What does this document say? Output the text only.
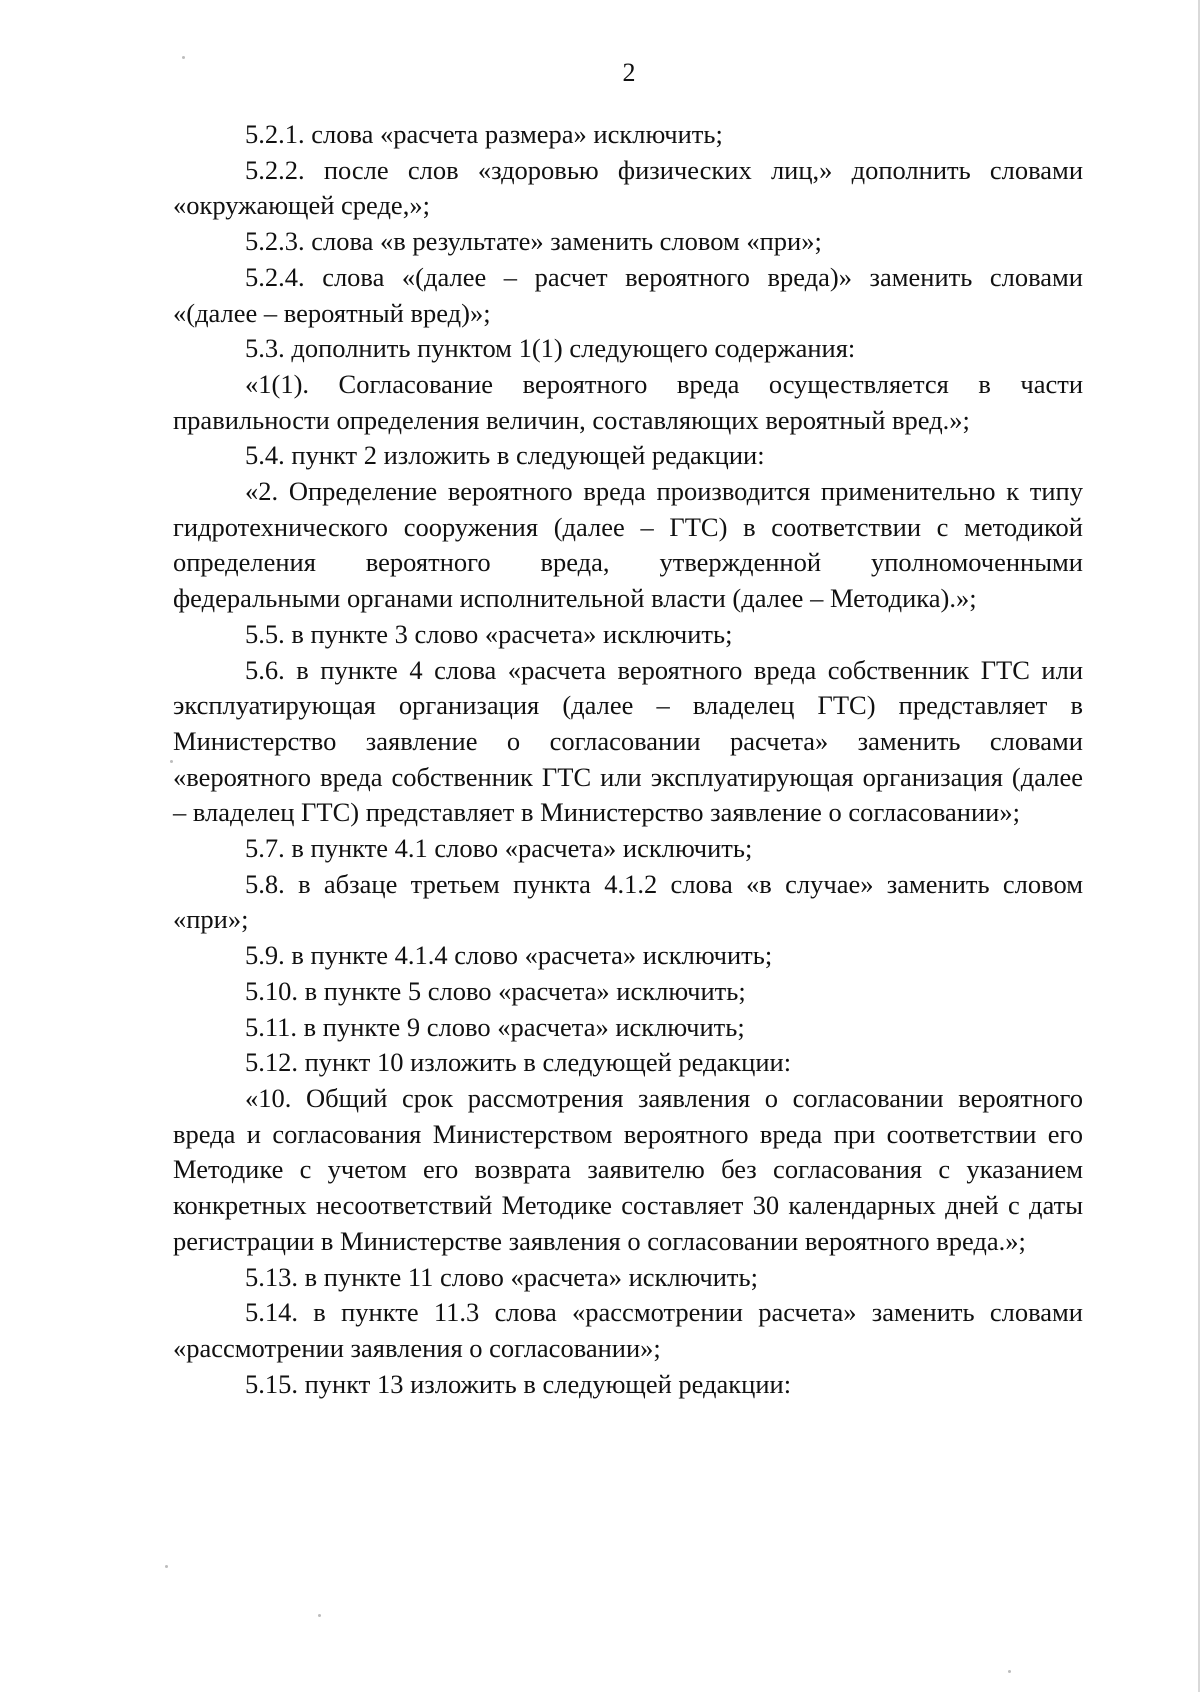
2

5.2.1. слова «расчета размера» исключить;

5.2.2. после слов «здоровью физических лиц,» дополнить словами «окружающей среде,»;

5.2.3. слова «в результате» заменить словом «при»;

5.2.4. слова «(далее – расчет вероятного вреда)» заменить словами «(далее – вероятный вред)»;

5.3. дополнить пунктом 1(1) следующего содержания:

«1(1). Согласование вероятного вреда осуществляется в части правильности определения величин, составляющих вероятный вред.»;

5.4. пункт 2 изложить в следующей редакции:

«2. Определение вероятного вреда производится применительно к типу гидротехнического сооружения (далее – ГТС) в соответствии с методикой определения вероятного вреда, утвержденной уполномоченными федеральными органами исполнительной власти (далее – Методика).»;

5.5. в пункте 3 слово «расчета» исключить;

5.6. в пункте 4 слова «расчета вероятного вреда собственник ГТС или эксплуатирующая организация (далее – владелец ГТС) представляет в Министерство заявление о согласовании расчета» заменить словами «вероятного вреда собственник ГТС или эксплуатирующая организация (далее – владелец ГТС) представляет в Министерство заявление о согласовании»;

5.7. в пункте 4.1 слово «расчета» исключить;

5.8. в абзаце третьем пункта 4.1.2 слова «в случае» заменить словом «при»;

5.9. в пункте 4.1.4 слово «расчета» исключить;

5.10. в пункте 5 слово «расчета» исключить;

5.11. в пункте 9 слово «расчета» исключить;

5.12. пункт 10 изложить в следующей редакции:

«10. Общий срок рассмотрения заявления о согласовании вероятного вреда и согласования Министерством вероятного вреда при соответствии его Методике с учетом его возврата заявителю без согласования с указанием конкретных несоответствий Методике составляет 30 календарных дней с даты регистрации в Министерстве заявления о согласовании вероятного вреда.»;

5.13. в пункте 11 слово «расчета» исключить;

5.14. в пункте 11.3 слова «рассмотрении расчета» заменить словами «рассмотрении заявления о согласовании»;

5.15. пункт 13 изложить в следующей редакции:
